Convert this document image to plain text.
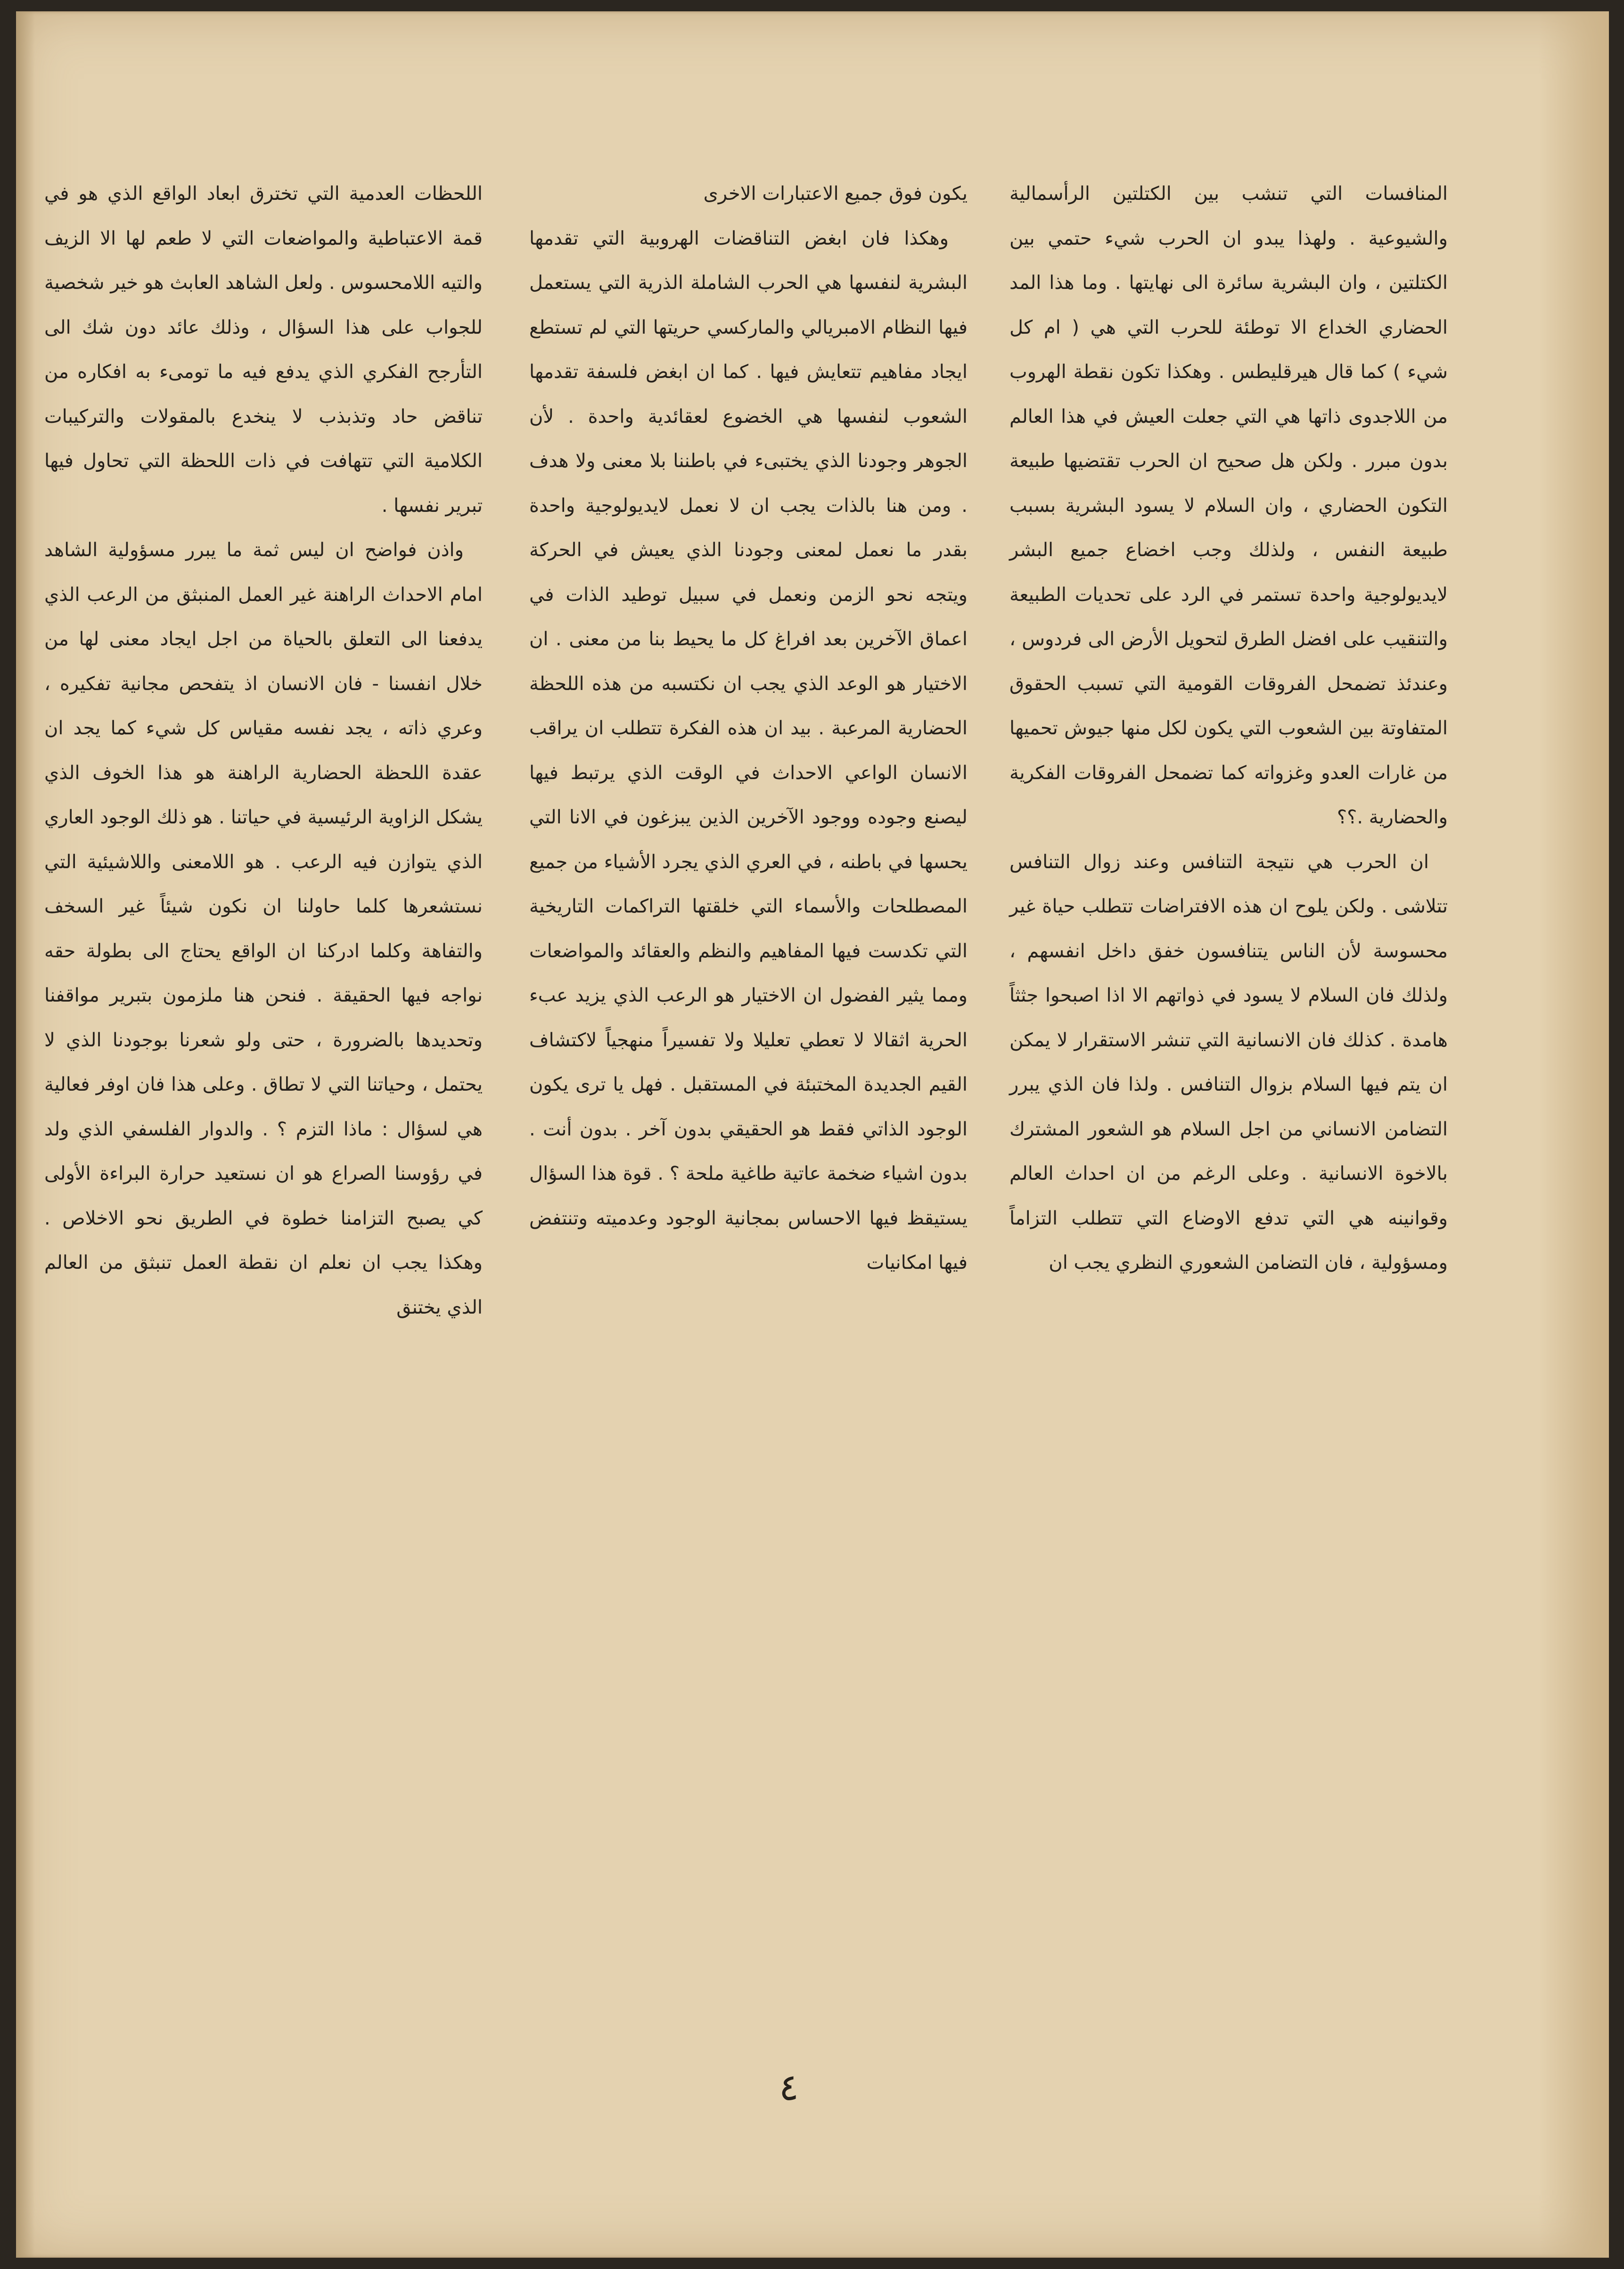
المنافسات التي تنشب بين الكتلتين الرأسمالية والشيوعية . ولهذا يبدو ان الحرب شيء حتمي بين الكتلتين ، وان البشرية سائرة الى نهايتها . وما هذا المد الحضاري الخداع الا توطئة للحرب التي هي ( ام كل شيء ) كما قال هيرقليطس . وهكذا تكون نقطة الهروب من اللاجدوى ذاتها هي التي جعلت العيش في هذا العالم بدون مبرر . ولكن هل صحيح ان الحرب تقتضيها طبيعة التكون الحضاري ، وان السلام لا يسود البشرية بسبب طبيعة النفس ، ولذلك وجب اخضاع جميع البشر لايديولوجية واحدة تستمر في الرد على تحديات الطبيعة والتنقيب على افضل الطرق لتحويل الأرض الى فردوس ، وعندئذ تضمحل الفروقات القومية التي تسبب الحقوق المتفاوتة بين الشعوب التي يكون لكل منها جيوش تحميها من غارات العدو وغزواته كما تضمحل الفروقات الفكرية والحضارية .؟؟

ان الحرب هي نتيجة التنافس وعند زوال التنافس تتلاشى . ولكن يلوح ان هذه الافتراضات تتطلب حياة غير محسوسة لأن الناس يتنافسون خفق داخل انفسهم ، ولذلك فان السلام لا يسود في ذواتهم الا اذا اصبحوا جثثاً هامدة . كذلك فان الانسانية التي تنشر الاستقرار لا يمكن ان يتم فيها السلام بزوال التنافس . ولذا فان الذي يبرر التضامن الانساني من اجل السلام هو الشعور المشترك بالاخوة الانسانية . وعلى الرغم من ان احداث العالم وقوانينه هي التي تدفع الاوضاع التي تتطلب التزاماً ومسؤولية ، فان التضامن الشعوري النظري يجب ان

يكون فوق جميع الاعتبارات الاخرى

وهكذا فان ابغض التناقضات الهروبية التي تقدمها البشرية لنفسها هي الحرب الشاملة الذرية التي يستعمل فيها النظام الامبريالي والماركسي حريتها التي لم تستطع ايجاد مفاهيم تتعايش فيها . كما ان ابغض فلسفة تقدمها الشعوب لنفسها هي الخضوع لعقائدية واحدة . لأن الجوهر وجودنا الذي يختبىء في باطننا بلا معنى ولا هدف . ومن هنا بالذات يجب ان لا نعمل لايديولوجية واحدة بقدر ما نعمل لمعنى وجودنا الذي يعيش في الحركة ويتجه نحو الزمن ونعمل في سبيل توطيد الذات في اعماق الآخرين بعد افراغ كل ما يحيط بنا من معنى . ان الاختيار هو الوعد الذي يجب ان نكتسبه من هذه اللحظة الحضارية المرعبة . بيد ان هذه الفكرة تتطلب ان يراقب الانسان الواعي الاحداث في الوقت الذي يرتبط فيها ليصنع وجوده ووجود الآخرين الذين يبزغون في الانا التي يحسها في باطنه ، في العري الذي يجرد الأشياء من جميع المصطلحات والأسماء التي خلقتها التراكمات التاريخية التي تكدست فيها المفاهيم والنظم والعقائد والمواضعات ومما يثير الفضول ان الاختيار هو الرعب الذي يزيد عبء الحرية اثقالا لا تعطي تعليلا ولا تفسيراً منهجياً لاكتشاف القيم الجديدة المختبئة في المستقبل . فهل يا ترى يكون الوجود الذاتي فقط هو الحقيقي بدون آخر . بدون أنت . بدون اشياء ضخمة عاتية طاغية ملحة ؟ . قوة هذا السؤال يستيقظ فيها الاحساس بمجانية الوجود وعدميته وتنتفض فيها امكانيات

اللحظات العدمية التي تخترق ابعاد الواقع الذي هو في قمة الاعتباطية والمواضعات التي لا طعم لها الا الزيف والتيه اللامحسوس . ولعل الشاهد العابث هو خير شخصية للجواب على هذا السؤال ، وذلك عائد دون شك الى التأرجح الفكري الذي يدفع فيه ما تومىء به افكاره من تناقض حاد وتذبذب لا ينخدع بالمقولات والتركيبات الكلامية التي تتهافت في ذات اللحظة التي تحاول فيها تبرير نفسها .

واذن فواضح ان ليس ثمة ما يبرر مسؤولية الشاهد امام الاحداث الراهنة غير العمل المنبثق من الرعب الذي يدفعنا الى التعلق بالحياة من اجل ايجاد معنى لها من خلال انفسنا - فان الانسان اذ يتفحص مجانية تفكيره ، وعري ذاته ، يجد نفسه مقياس كل شيء كما يجد ان عقدة اللحظة الحضارية الراهنة هو هذا الخوف الذي يشكل الزاوية الرئيسية في حياتنا . هو ذلك الوجود العاري الذي يتوازن فيه الرعب . هو اللامعنى واللاشيئية التي نستشعرها كلما حاولنا ان نكون شيئاً غير السخف والتفاهة وكلما ادركنا ان الواقع يحتاج الى بطولة حقه نواجه فيها الحقيقة . فنحن هنا ملزمون بتبرير مواقفنا وتحديدها بالضرورة ، حتى ولو شعرنا بوجودنا الذي لا يحتمل ، وحياتنا التي لا تطاق . وعلى هذا فان اوفر فعالية هي لسؤال : ماذا التزم ؟ . والدوار الفلسفي الذي ولد في رؤوسنا الصراع هو ان نستعيد حرارة البراءة الأولى كي يصبح التزامنا خطوة في الطريق نحو الاخلاص . وهكذا يجب ان نعلم ان نقطة العمل تنبثق من العالم الذي يختنق

٤
